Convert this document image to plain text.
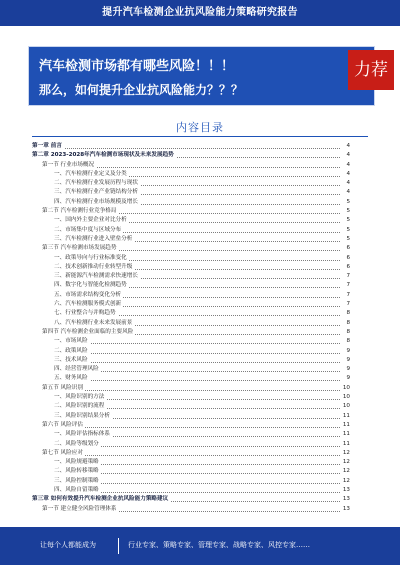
提升汽车检测企业抗风险能力策略研究报告
汽车检测市场都有哪些风险！！！
那么，如何提升企业抗风险能力？？？
力荐
内容目录
第一章 前言	4
第二章 2023-2028年汽车检测市场现状及未来发展趋势	4
第一节 行业市场概况	4
一、汽车检测行业定义及分类	4
二、汽车检测行业发展历程与现状	4
三、汽车检测行业产业链结构分析	4
四、汽车检测行业市场规模及增长	5
第二节 汽车检测行业竞争格局	5
一、国内外主要企业对比分析	5
二、市场集中度与区域分布	5
三、汽车检测行业进入壁垒分析	5
第三节 汽车检测市场发展趋势	6
一、政策导向与行业标准变化	6
二、技术创新推动行业转型升级	6
三、新能源汽车检测需求快速增长	7
四、数字化与智能化检测趋势	7
五、市场需求结构变化分析	7
六、汽车检测服务模式创新	7
七、行业整合与并购趋势	8
八、汽车检测行业未来发展前景	8
第四节 汽车检测企业面临的主要风险	8
一、市场风险	8
二、政策风险	9
三、技术风险	9
四、经营管理风险	9
五、财务风险	9
第五节 风险识别	10
一、风险识别的方法	10
二、风险识别的流程	10
三、风险识别结果分析	11
第六节 风险评估	11
一、风险评估指标体系	11
二、风险等级划分	11
第七节 风险应对	12
一、风险规避策略	12
二、风险转移策略	12
三、风险控制策略	12
四、风险自留策略	13
第三章 如何有效提升汽车检测企业抗风险能力策略建议	13
第一节 建立健全风险管理体系	13
让每个人都能成为	行业专家、策略专家、管理专家、战略专家、风控专家……
